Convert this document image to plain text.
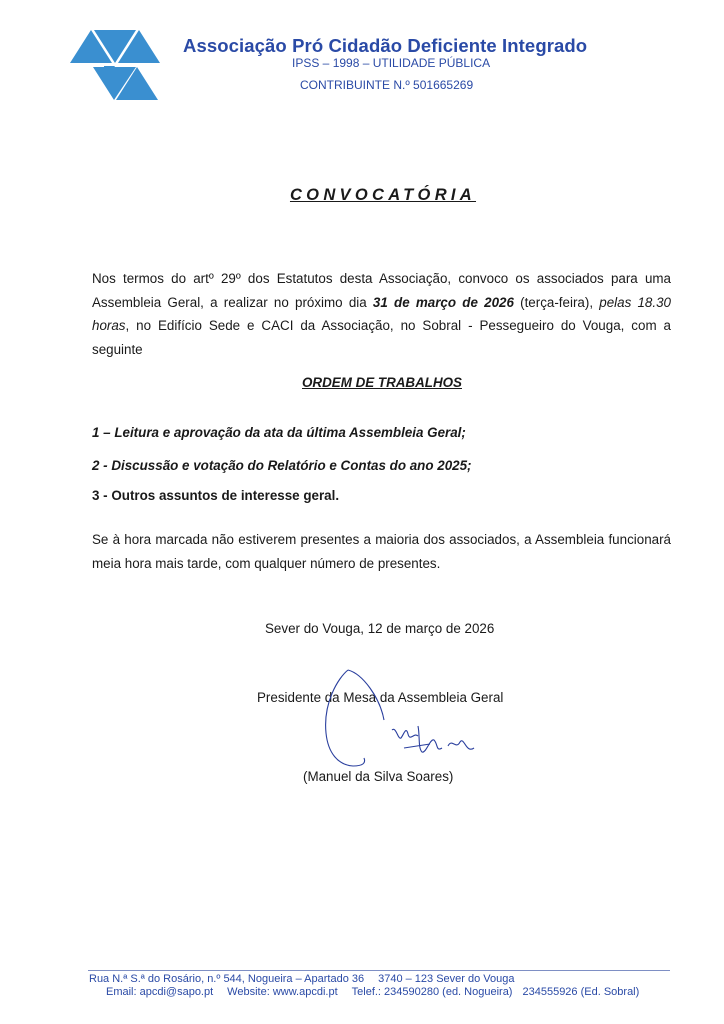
Associação Pró Cidadão Deficiente Integrado
IPSS – 1998 – UTILIDADE PÚBLICA
CONTRIBUINTE N.º 501665269
CONVOCATÓRIA

Nos termos do artº 29º dos Estatutos desta Associação, convoco os associados para uma Assembleia Geral, a realizar no próximo dia 31 de março de 2026 (terça-feira), pelas 18.30 horas, no Edifício Sede e CACI da Associação, no Sobral - Pessegueiro do Vouga, com a seguinte

ORDEM DE TRABALHOS
1 – Leitura e aprovação da ata da última Assembleia Geral;
2 - Discussão e votação do Relatório e Contas do ano 2025;
3 - Outros assuntos de interesse geral.

Se à hora marcada não estiverem presentes a maioria dos associados, a Assembleia funcionará meia hora mais tarde, com qualquer número de presentes.

Sever do Vouga, 12 de março de 2026
Presidente da Mesa da Assembleia Geral
(Manuel da Silva Soares)
Rua N.ª S.ª do Rosário, n.º 544, Nogueira – Apartado 36 3740 – 123 Sever do Vouga
Email: apcdi@sapo.pt Website: www.apcdi.pt Telef.: 234590280 (ed. Nogueira) 234555926 (Ed. Sobral)
